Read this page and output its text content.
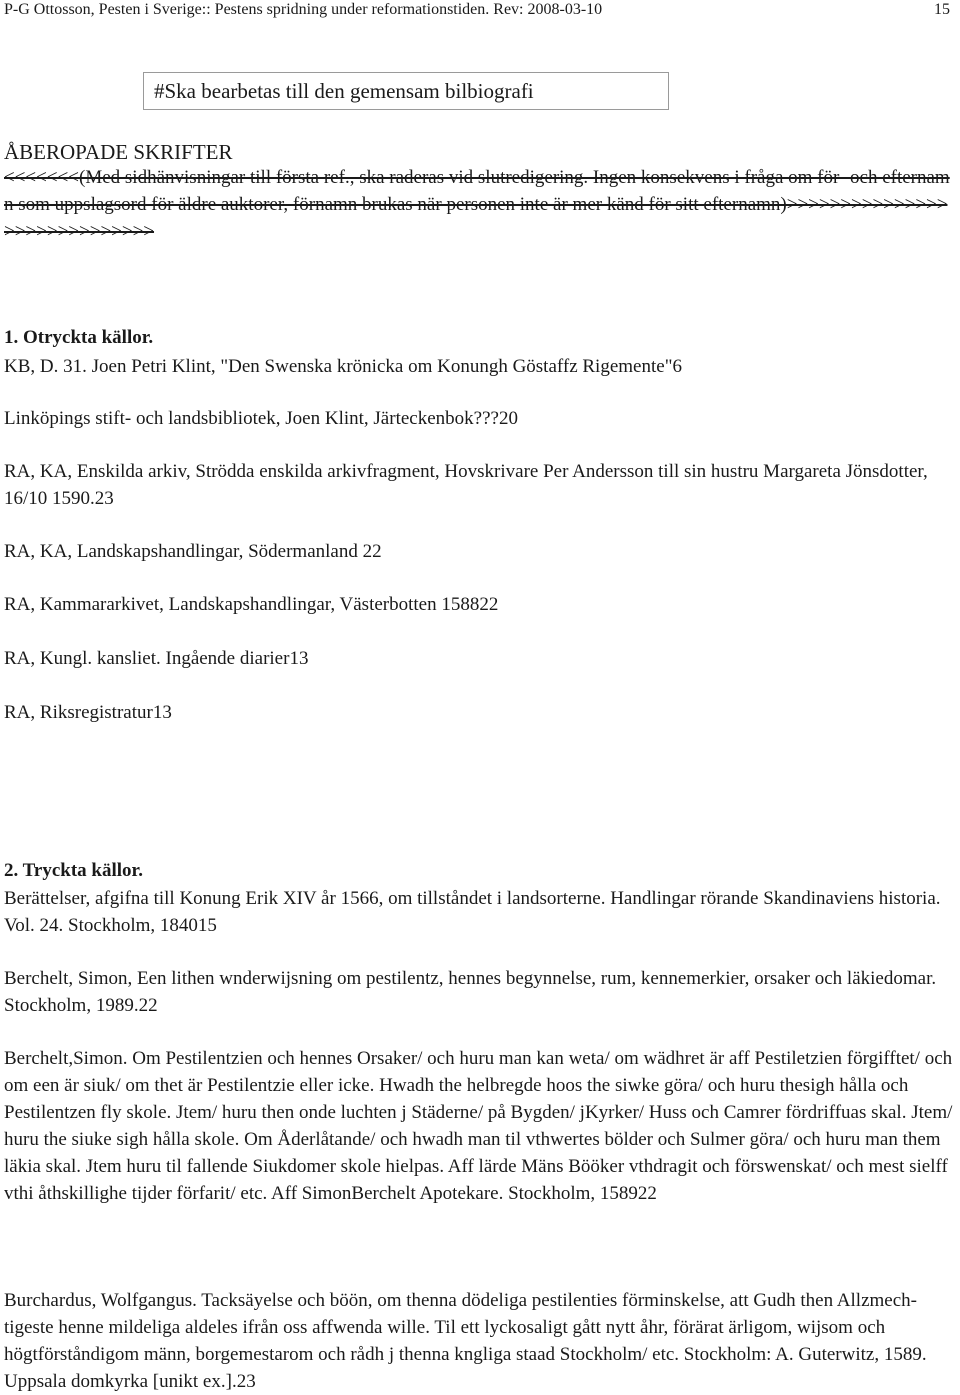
P-G Ottosson, Pesten i Sverige:: Pestens spridning under reformationstiden. Rev: 2008-03-10	15
#Ska bearbetas till den gemensam bilbiografi
ÅBEROPADE SKRIFTER
<<<<<<<(Med sidhänvisningar till första ref., ska raderas vid slutredigering. Ingen konsekvens i fråga om för- och efternamn som uppslagsord för äldre auktorer, förnamn brukas när personen inte är mer känd för sitt efternamn)>>>>>>>>>>>>>>>>>>>>>>>>>>>>>
1. Otryckta källor.
KB, D. 31. Joen Petri Klint, "Den Swenska krönicka om Konungh Göstaffz Rigemente"6
Linköpings stift- och landsbibliotek, Joen Klint, Järteckenbok???20
RA, KA, Enskilda arkiv, Strödda enskilda arkivfragment, Hovskrivare Per Andersson till sin hustru Margareta Jönsdotter, 16/10 1590.23
RA, KA, Landskapshandlingar, Södermanland 22
RA, Kammararkivet, Landskapshandlingar, Västerbotten 158822
RA, Kungl. kansliet. Ingående diarier13
RA, Riksregistratur13
2. Tryckta källor.
Berättelser, afgifna till Konung Erik XIV år 1566, om tillståndet i landsorterne. Handlingar rörande Skandinaviens historia. Vol. 24. Stockholm, 184015
Berchelt, Simon, Een lithen wnderwijsning om pestilentz, hennes begynnelse, rum, kennemerkier, orsaker och läkiedomar. Stockholm, 1989.22
Berchelt,Simon. Om Pestilentzien och hennes Orsaker/ och huru man kan weta/ om wädhret är aff Pestiletzien förgifftet/ och om een är siuk/ om thet är Pestilentzie eller icke. Hwadh the helbregde hoos the siwke göra/ och huru thesigh hålla och Pestilentzen fly skole. Jtem/ huru then onde luchten j Städerne/ på Bygden/ jKyrker/ Huss och Camrer fördriffuas skal. Jtem/ huru the siuke sigh hålla skole. Om Åderlåtande/ och hwadh man til vthwertes bölder och Sulmer göra/ och huru man them läkia skal. Jtem huru til fallende Siukdomer skole hielpas. Aff lärde Mäns Bööker vthdragit och förswenskat/ och mest sielff vthi åthskillighe tijder förfarit/ etc. Aff SimonBerchelt Apotekare. Stockholm, 158922
Burchardus, Wolfgangus. Tacksäyelse och böön, om thenna dödeliga pestilenties förminskelse, att Gudh then Allzmech- tigeste henne mildeliga aldeles ifrån oss affwenda wille. Til ett lyckosaligt gått nytt åhr, förärat ärligom, wijsom och högtförståndigom männ, borgemestarom och rådh j thenna kngliga staad Stockholm/ etc. Stockholm: A. Guterwitz, 1589. Uppsala domkyrka [unikt ex.].23
